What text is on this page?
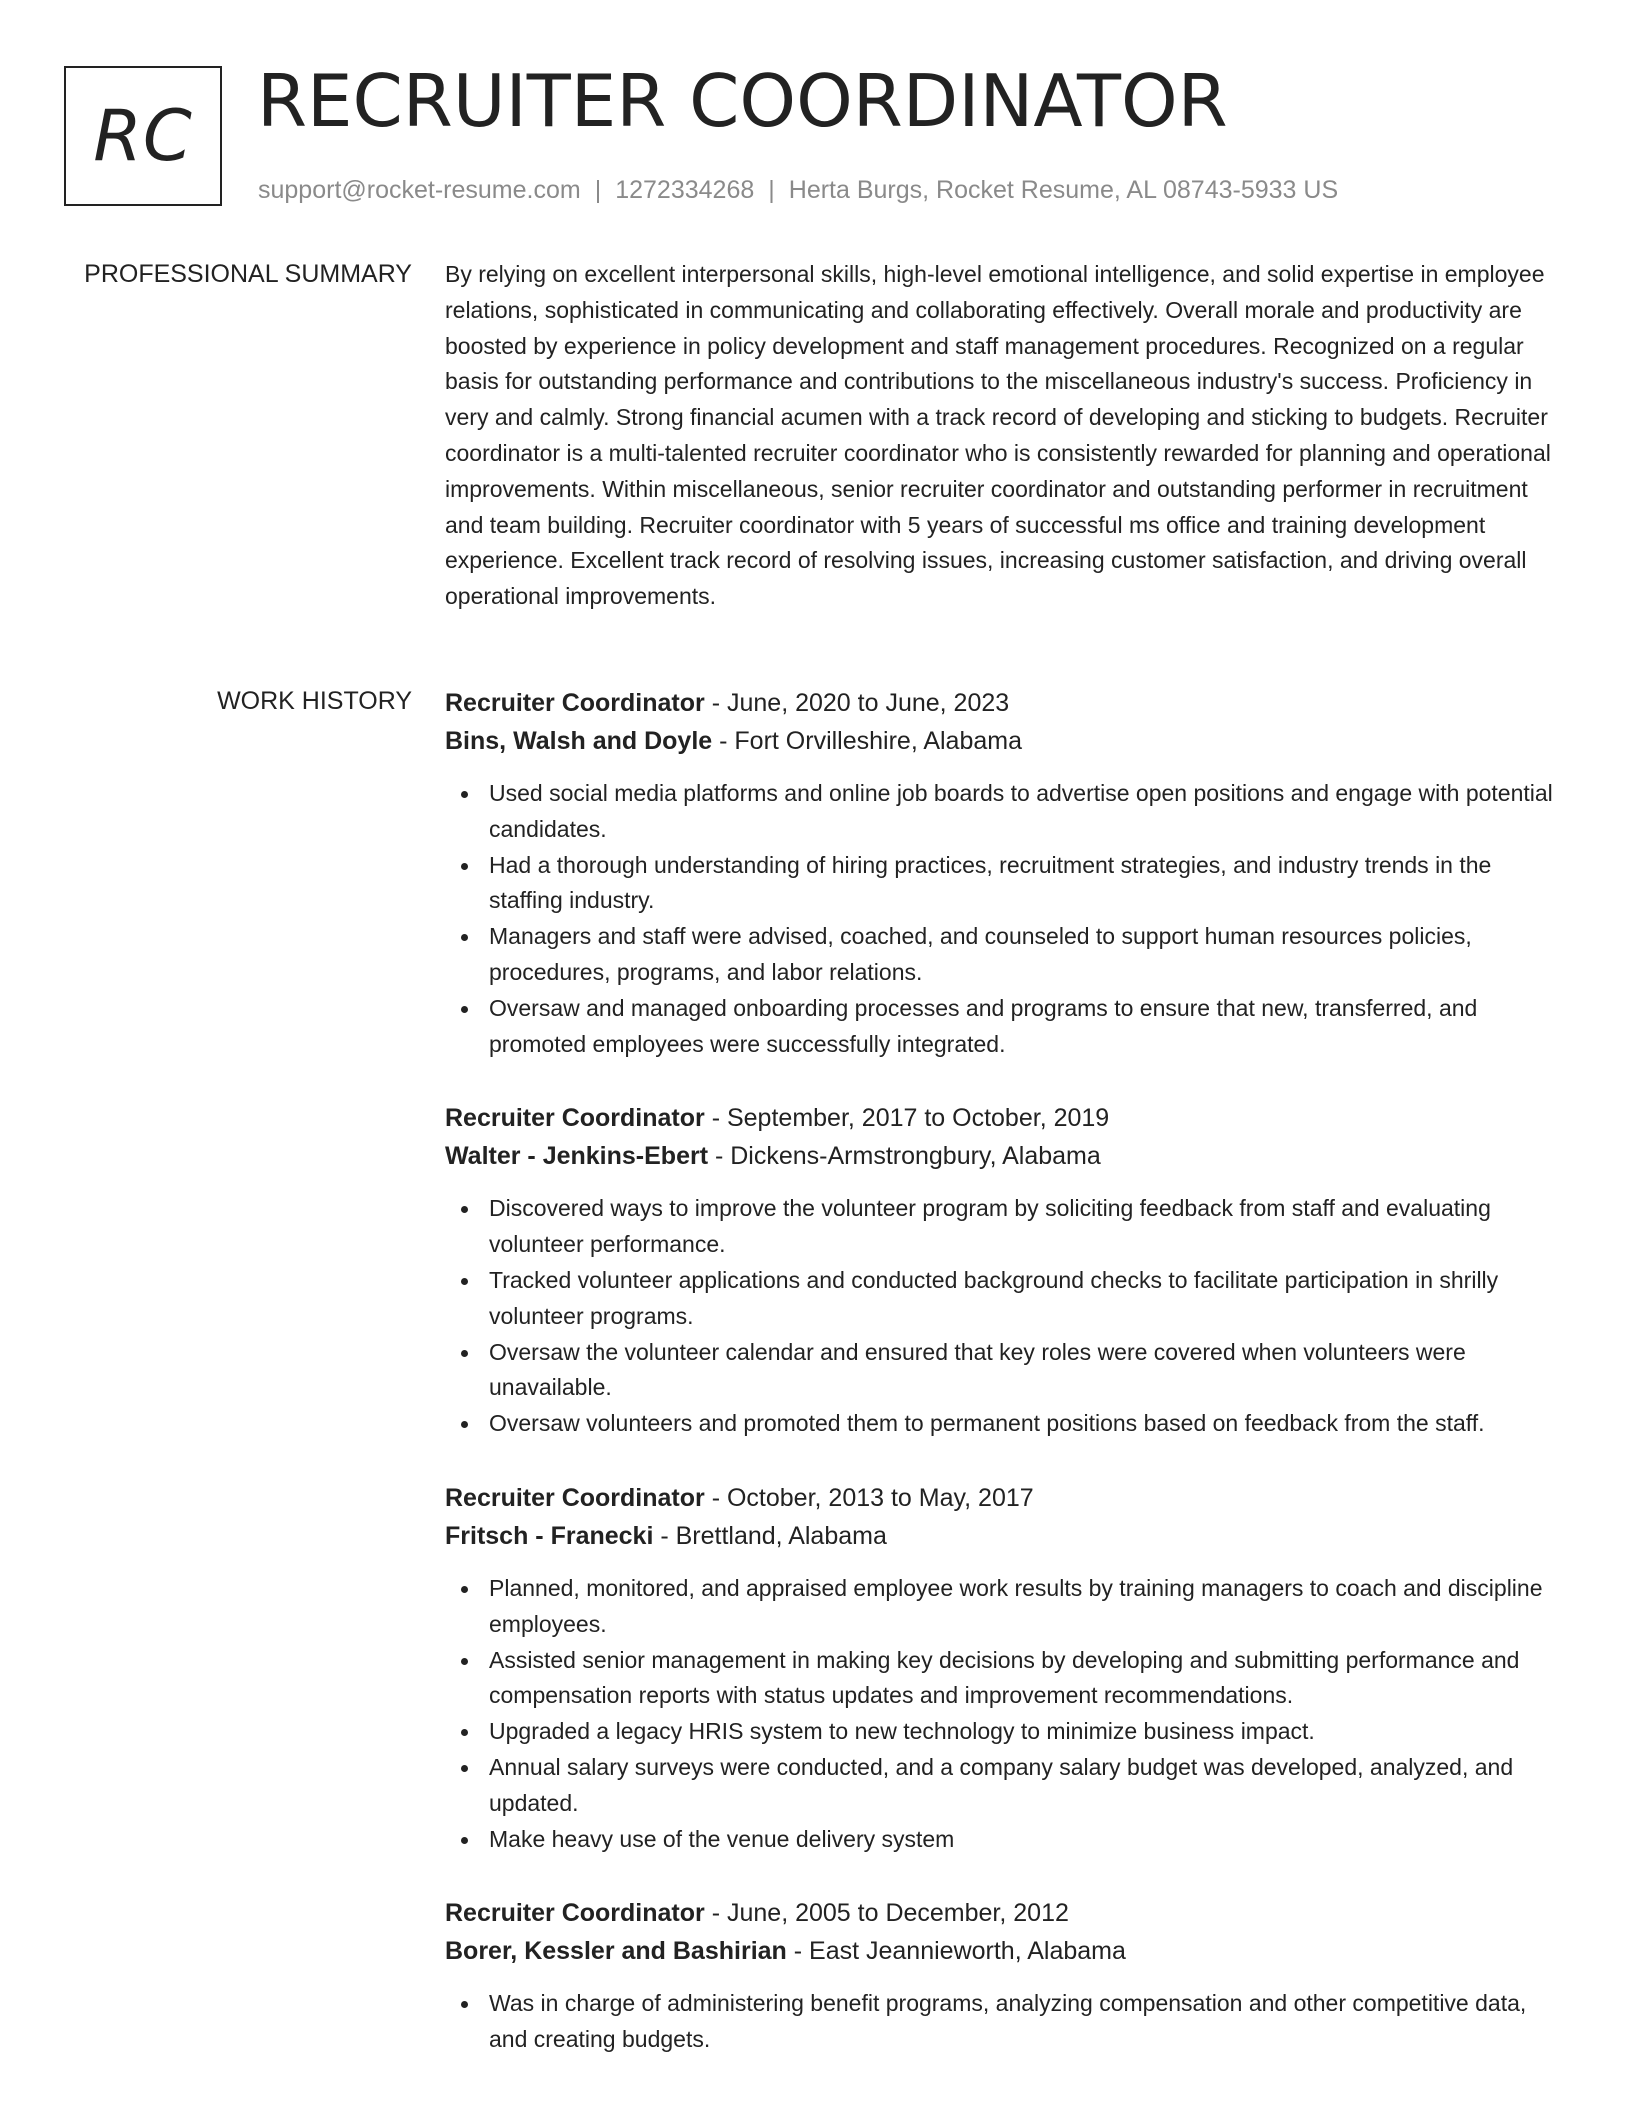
RC RECRUITER COORDINATOR
support@rocket-resume.com | 1272334268 | Herta Burgs, Rocket Resume, AL 08743-5933 US
PROFESSIONAL SUMMARY By relying on excellent interpersonal skills, high-level emotional intelligence, and solid expertise in employee relations, sophisticated in communicating and collaborating effectively. Overall morale and productivity are boosted by experience in policy development and staff management procedures. Recognized on a regular basis for outstanding performance and contributions to the miscellaneous industry's success. Proficiency in very and calmly. Strong financial acumen with a track record of developing and sticking to budgets. Recruiter coordinator is a multi-talented recruiter coordinator who is consistently rewarded for planning and operational improvements. Within miscellaneous, senior recruiter coordinator and outstanding performer in recruitment and team building. Recruiter coordinator with 5 years of successful ms office and training development experience. Excellent track record of resolving issues, increasing customer satisfaction, and driving overall operational improvements.

WORK HISTORY Recruiter Coordinator - June, 2020 to June, 2023
Bins, Walsh and Doyle - Fort Orvilleshire, Alabama
Used social media platforms and online job boards to advertise open positions and engage with potential candidates.
Had a thorough understanding of hiring practices, recruitment strategies, and industry trends in the staffing industry.
Managers and staff were advised, coached, and counseled to support human resources policies, procedures, programs, and labor relations.
Oversaw and managed onboarding processes and programs to ensure that new, transferred, and promoted employees were successfully integrated.
Recruiter Coordinator - September, 2017 to October, 2019
Walter - Jenkins-Ebert - Dickens-Armstrongbury, Alabama
Discovered ways to improve the volunteer program by soliciting feedback from staff and evaluating volunteer performance.
Tracked volunteer applications and conducted background checks to facilitate participation in shrilly volunteer programs.
Oversaw the volunteer calendar and ensured that key roles were covered when volunteers were unavailable.
Oversaw volunteers and promoted them to permanent positions based on feedback from the staff.
Recruiter Coordinator - October, 2013 to May, 2017
Fritsch - Franecki - Brettland, Alabama
Planned, monitored, and appraised employee work results by training managers to coach and discipline employees.
Assisted senior management in making key decisions by developing and submitting performance and compensation reports with status updates and improvement recommendations.
Upgraded a legacy HRIS system to new technology to minimize business impact.
Annual salary surveys were conducted, and a company salary budget was developed, analyzed, and updated.
Make heavy use of the venue delivery system
Recruiter Coordinator - June, 2005 to December, 2012
Borer, Kessler and Bashirian - East Jeannieworth, Alabama
Was in charge of administering benefit programs, analyzing compensation and other competitive data, and creating budgets.
